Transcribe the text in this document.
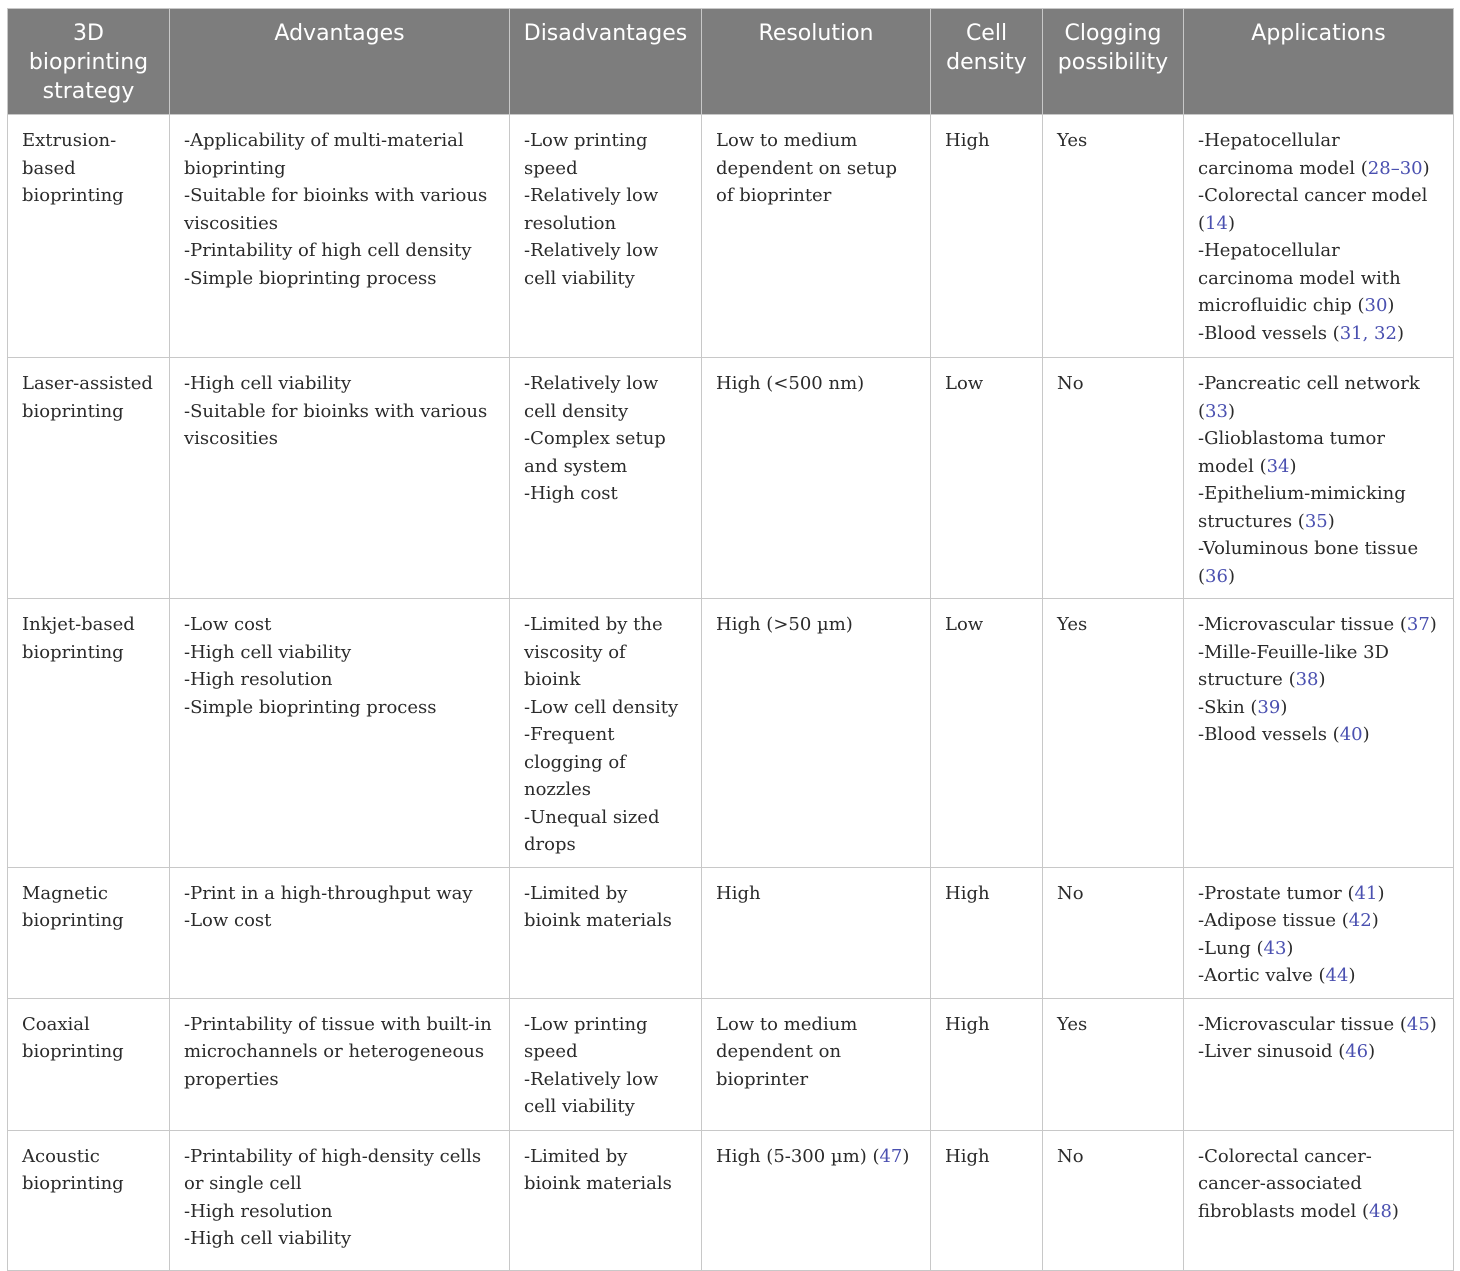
3D bioprinting strategy	Advantages	Disadvantages	Resolution	Cell density	Clogging possibility	Applications
Extrusion-based bioprinting	-Applicability of multi-material bioprinting
-Suitable for bioinks with various viscosities
-Printability of high cell density
-Simple bioprinting process	-Low printing speed
-Relatively low resolution
-Relatively low cell viability	Low to medium dependent on setup of bioprinter	High	Yes	-Hepatocellular carcinoma model (28–30)
-Colorectal cancer model (14)
-Hepatocellular carcinoma model with microfluidic chip (30)
-Blood vessels (31, 32)

Laser-assisted bioprinting	-High cell viability
-Suitable for bioinks with various viscosities	-Relatively low cell density
-Complex setup and system
-High cost	High (<500 nm)	Low	No	-Pancreatic cell network (33)
-Glioblastoma tumor model (34)
-Epithelium-mimicking structures (35)
-Voluminous bone tissue (36)

Inkjet-based bioprinting	-Low cost
-High cell viability
-High resolution
-Simple bioprinting process	-Limited by the viscosity of bioink
-Low cell density
-Frequent clogging of nozzles
-Unequal sized drops	High (>50 µm)	Low	Yes	-Microvascular tissue (37)
-Mille-Feuille-like 3D structure (38)
-Skin (39)
-Blood vessels (40)

Magnetic bioprinting	-Print in a high-throughput way
-Low cost	-Limited by bioink materials	High	High	No	-Prostate tumor (41)
-Adipose tissue (42)
-Lung (43)
-Aortic valve (44)

Coaxial bioprinting	-Printability of tissue with built-in microchannels or heterogeneous properties	-Low printing speed
-Relatively low cell viability	Low to medium dependent on bioprinter	High	Yes	-Microvascular tissue (45)
-Liver sinusoid (46)

Acoustic bioprinting	-Printability of high-density cells or single cell
-High resolution
-High cell viability	-Limited by bioink materials	High (5-300 µm) (47)	High	No	-Colorectal cancer-cancer-associated fibroblasts model (48)
